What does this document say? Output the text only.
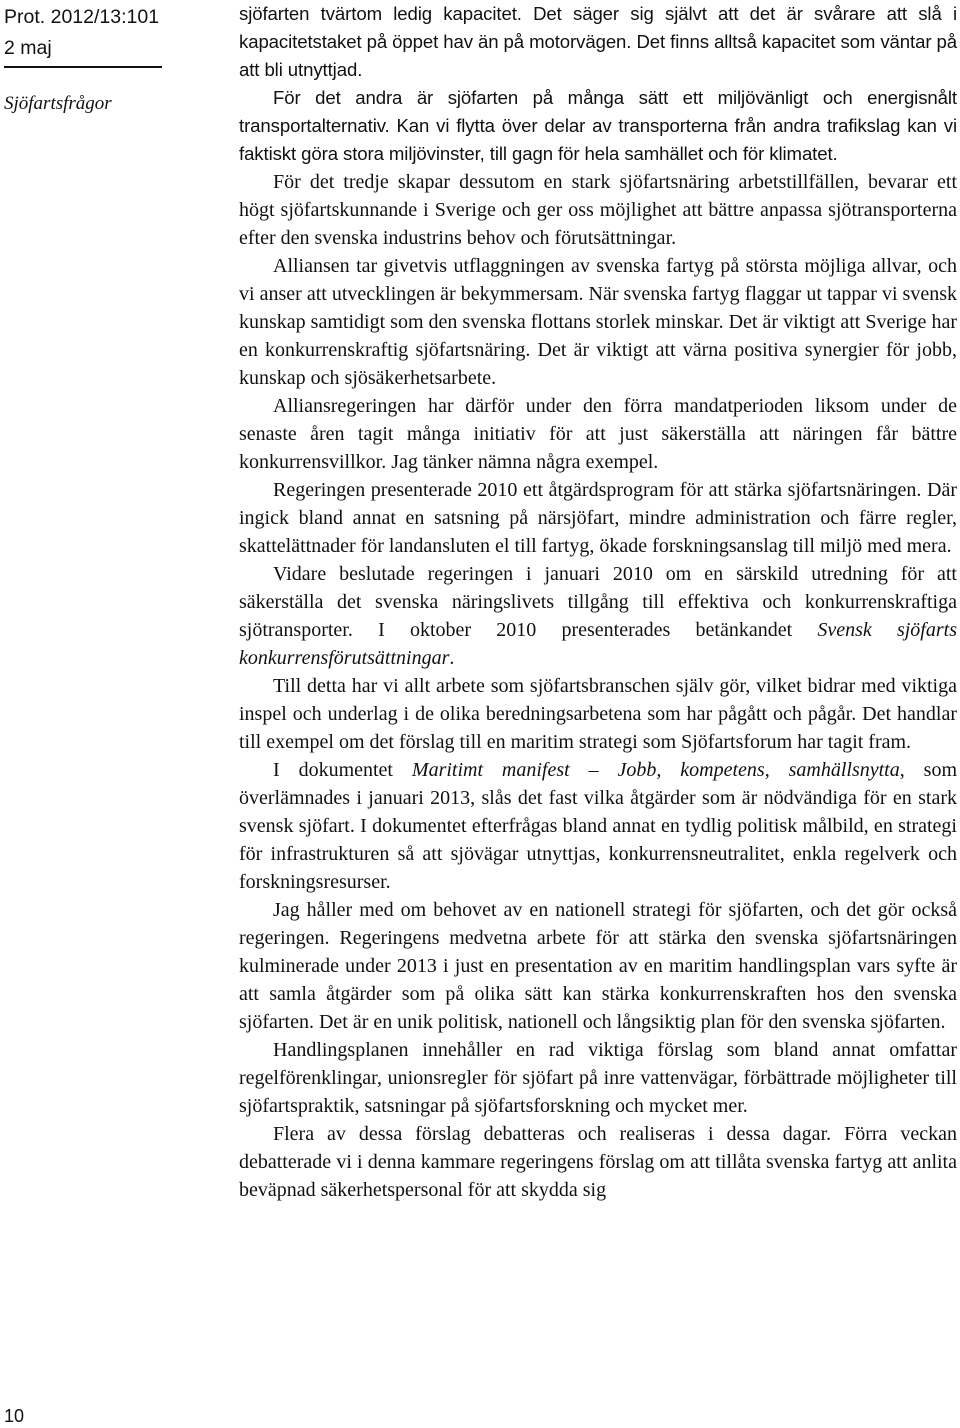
Prot. 2012/13:101
2 maj
Sjöfartsfrågor
10

sjöfarten tvärtom ledig kapacitet. Det säger sig självt att det är svårare att slå i kapacitetstaket på öppet hav än på motorvägen. Det finns alltså kapacitet som väntar på att bli utnyttjad.

För det andra är sjöfarten på många sätt ett miljövänligt och energisnålt transportalternativ. Kan vi flytta över delar av transporterna från andra trafikslag kan vi faktiskt göra stora miljövinster, till gagn för hela samhället och för klimatet.

För det tredje skapar dessutom en stark sjöfartsnäring arbetstillfällen, bevarar ett högt sjöfartskunnande i Sverige och ger oss möjlighet att bättre anpassa sjötransporterna efter den svenska industrins behov och förutsättningar.

Alliansen tar givetvis utflaggningen av svenska fartyg på största möjliga allvar, och vi anser att utvecklingen är bekymmersam. När svenska fartyg flaggar ut tappar vi svensk kunskap samtidigt som den svenska flottans storlek minskar. Det är viktigt att Sverige har en konkurrenskraftig sjöfartsnäring. Det är viktigt att värna positiva synergier för jobb, kunskap och sjösäkerhetsarbete.

Alliansregeringen har därför under den förra mandatperioden liksom under de senaste åren tagit många initiativ för att just säkerställa att näringen får bättre konkurrensvillkor. Jag tänker nämna några exempel.

Regeringen presenterade 2010 ett åtgärdsprogram för att stärka sjöfartsnäringen. Där ingick bland annat en satsning på närsjöfart, mindre administration och färre regler, skattelättnader för landansluten el till fartyg, ökade forskningsanslag till miljö med mera.

Vidare beslutade regeringen i januari 2010 om en särskild utredning för att säkerställa det svenska näringslivets tillgång till effektiva och konkurrenskraftiga sjötransporter. I oktober 2010 presenterades betänkandet Svensk sjöfarts konkurrensförutsättningar.

Till detta har vi allt arbete som sjöfartsbranschen själv gör, vilket bidrar med viktiga inspel och underlag i de olika beredningsarbetena som har pågått och pågår. Det handlar till exempel om det förslag till en maritim strategi som Sjöfartsforum har tagit fram.

I dokumentet Maritimt manifest – Jobb, kompetens, samhällsnytta, som överlämnades i januari 2013, slås det fast vilka åtgärder som är nödvändiga för en stark svensk sjöfart. I dokumentet efterfrågas bland annat en tydlig politisk målbild, en strategi för infrastrukturen så att sjövägar utnyttjas, konkurrensneutralitet, enkla regelverk och forskningsresurser.

Jag håller med om behovet av en nationell strategi för sjöfarten, och det gör också regeringen. Regeringens medvetna arbete för att stärka den svenska sjöfartsnäringen kulminerade under 2013 i just en presentation av en maritim handlingsplan vars syfte är att samla åtgärder som på olika sätt kan stärka konkurrenskraften hos den svenska sjöfarten. Det är en unik politisk, nationell och långsiktig plan för den svenska sjöfarten.

Handlingsplanen innehåller en rad viktiga förslag som bland annat omfattar regelförenklingar, unionsregler för sjöfart på inre vattenvägar, förbättrade möjligheter till sjöfartspraktik, satsningar på sjöfartsforskning och mycket mer.

Flera av dessa förslag debatteras och realiseras i dessa dagar. Förra veckan debatterade vi i denna kammare regeringens förslag om att tillåta svenska fartyg att anlita beväpnad säkerhetspersonal för att skydda sig
